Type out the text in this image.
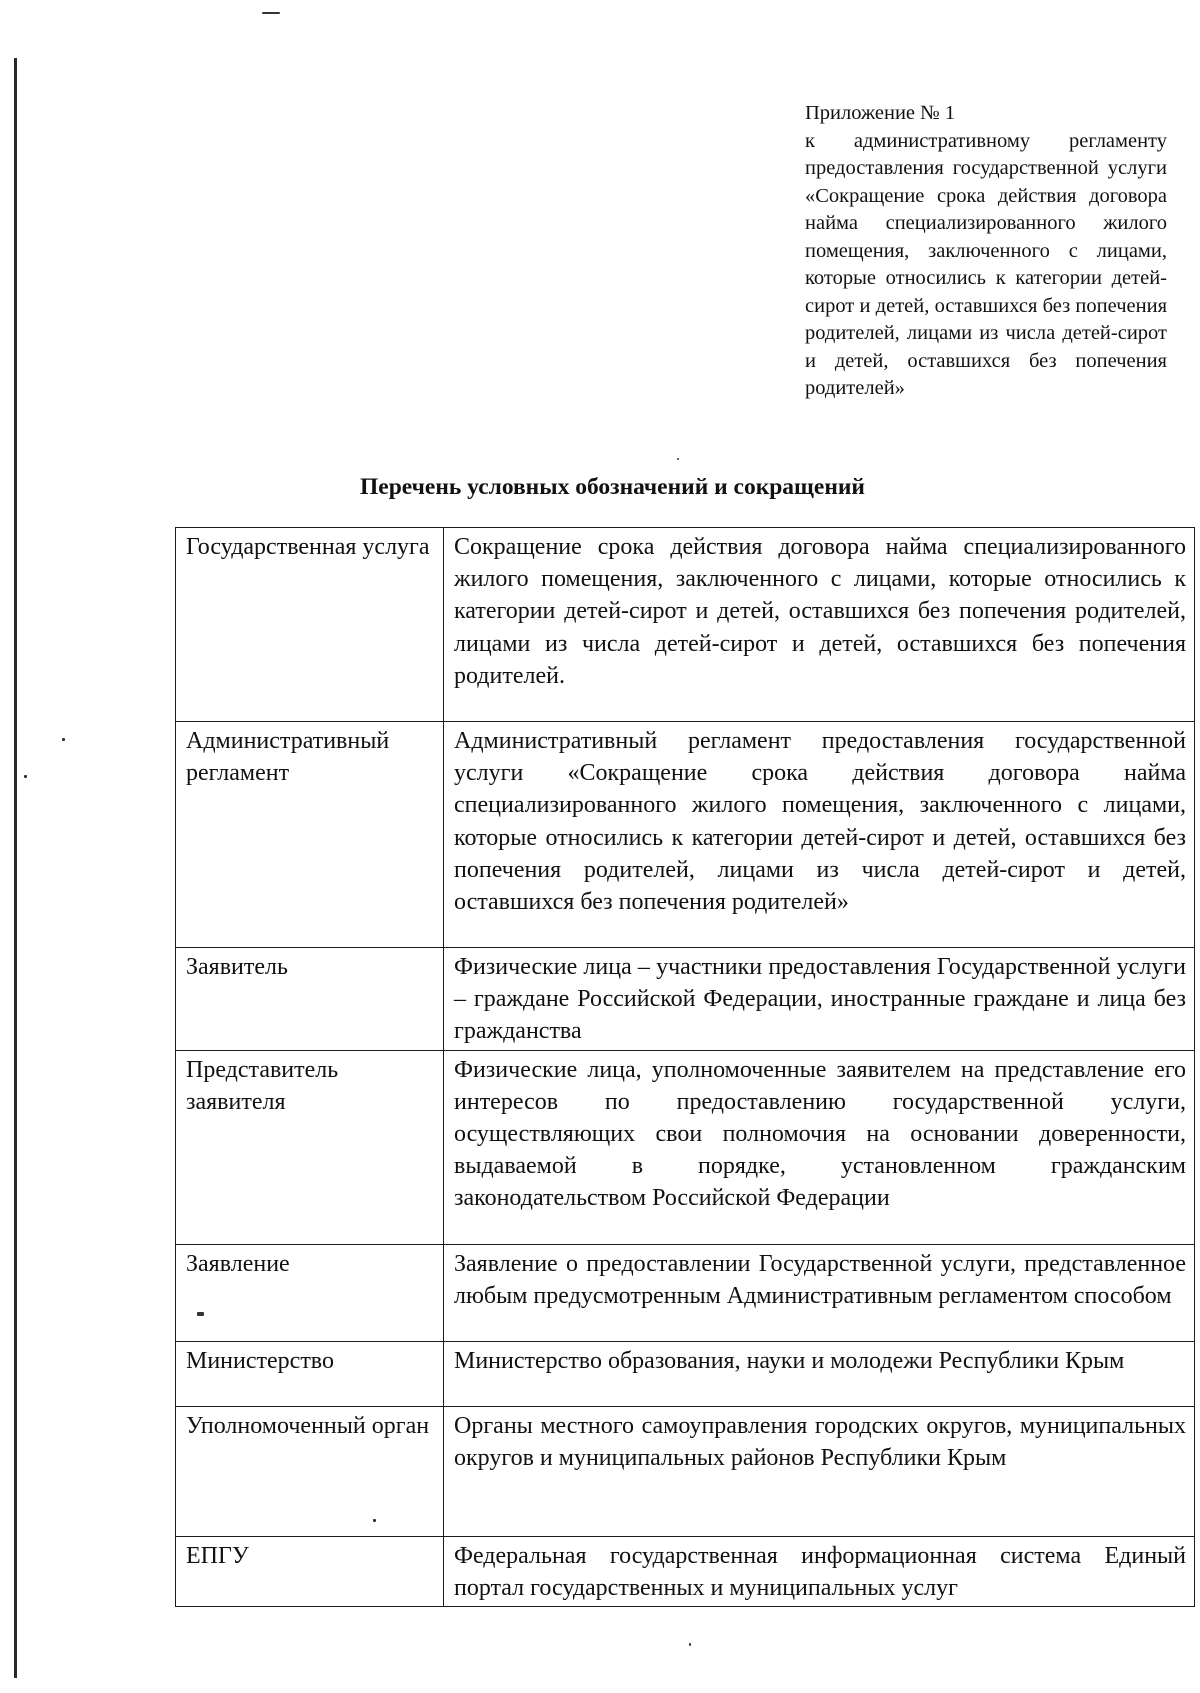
Приложение № 1
к административному регламенту предоставления государственной услуги «Сокращение срока действия договора найма специализированного жилого помещения, заключенного с лицами, которые относились к категории детей-сирот и детей, оставшихся без попечения родителей, лицами из числа детей-сирот и детей, оставшихся без попечения родителей»
Перечень условных обозначений и сокращений
Государственная услуга	Сокращение срока действия договора найма специализированного жилого помещения, заключенного с лицами, которые относились к категории детей-сирот и детей, оставшихся без попечения родителей, лицами из числа детей-сирот и детей, оставшихся без попечения родителей.
Административный регламент	Административный регламент предоставления государственной услуги «Сокращение срока действия договора найма специализированного жилого помещения, заключенного с лицами, которые относились к категории детей-сирот и детей, оставшихся без попечения родителей, лицами из числа детей-сирот и детей, оставшихся без попечения родителей»
Заявитель	Физические лица – участники предоставления Государственной услуги – граждане Российской Федерации, иностранные граждане и лица без гражданства
Представитель заявителя	Физические лица, уполномоченные заявителем на представление его интересов по предоставлению государственной услуги, осуществляющих свои полномочия на основании доверенности, выдаваемой в порядке, установленном гражданским законодательством Российской Федерации
Заявление	Заявление о предоставлении Государственной услуги, представленное любым предусмотренным Административным регламентом способом
Министерство	Министерство образования, науки и молодежи Республики Крым
Уполномоченный орган	Органы местного самоуправления городских округов, муниципальных округов и муниципальных районов Республики Крым
ЕПГУ	Федеральная государственная информационная система Единый портал государственных и муниципальных услуг
